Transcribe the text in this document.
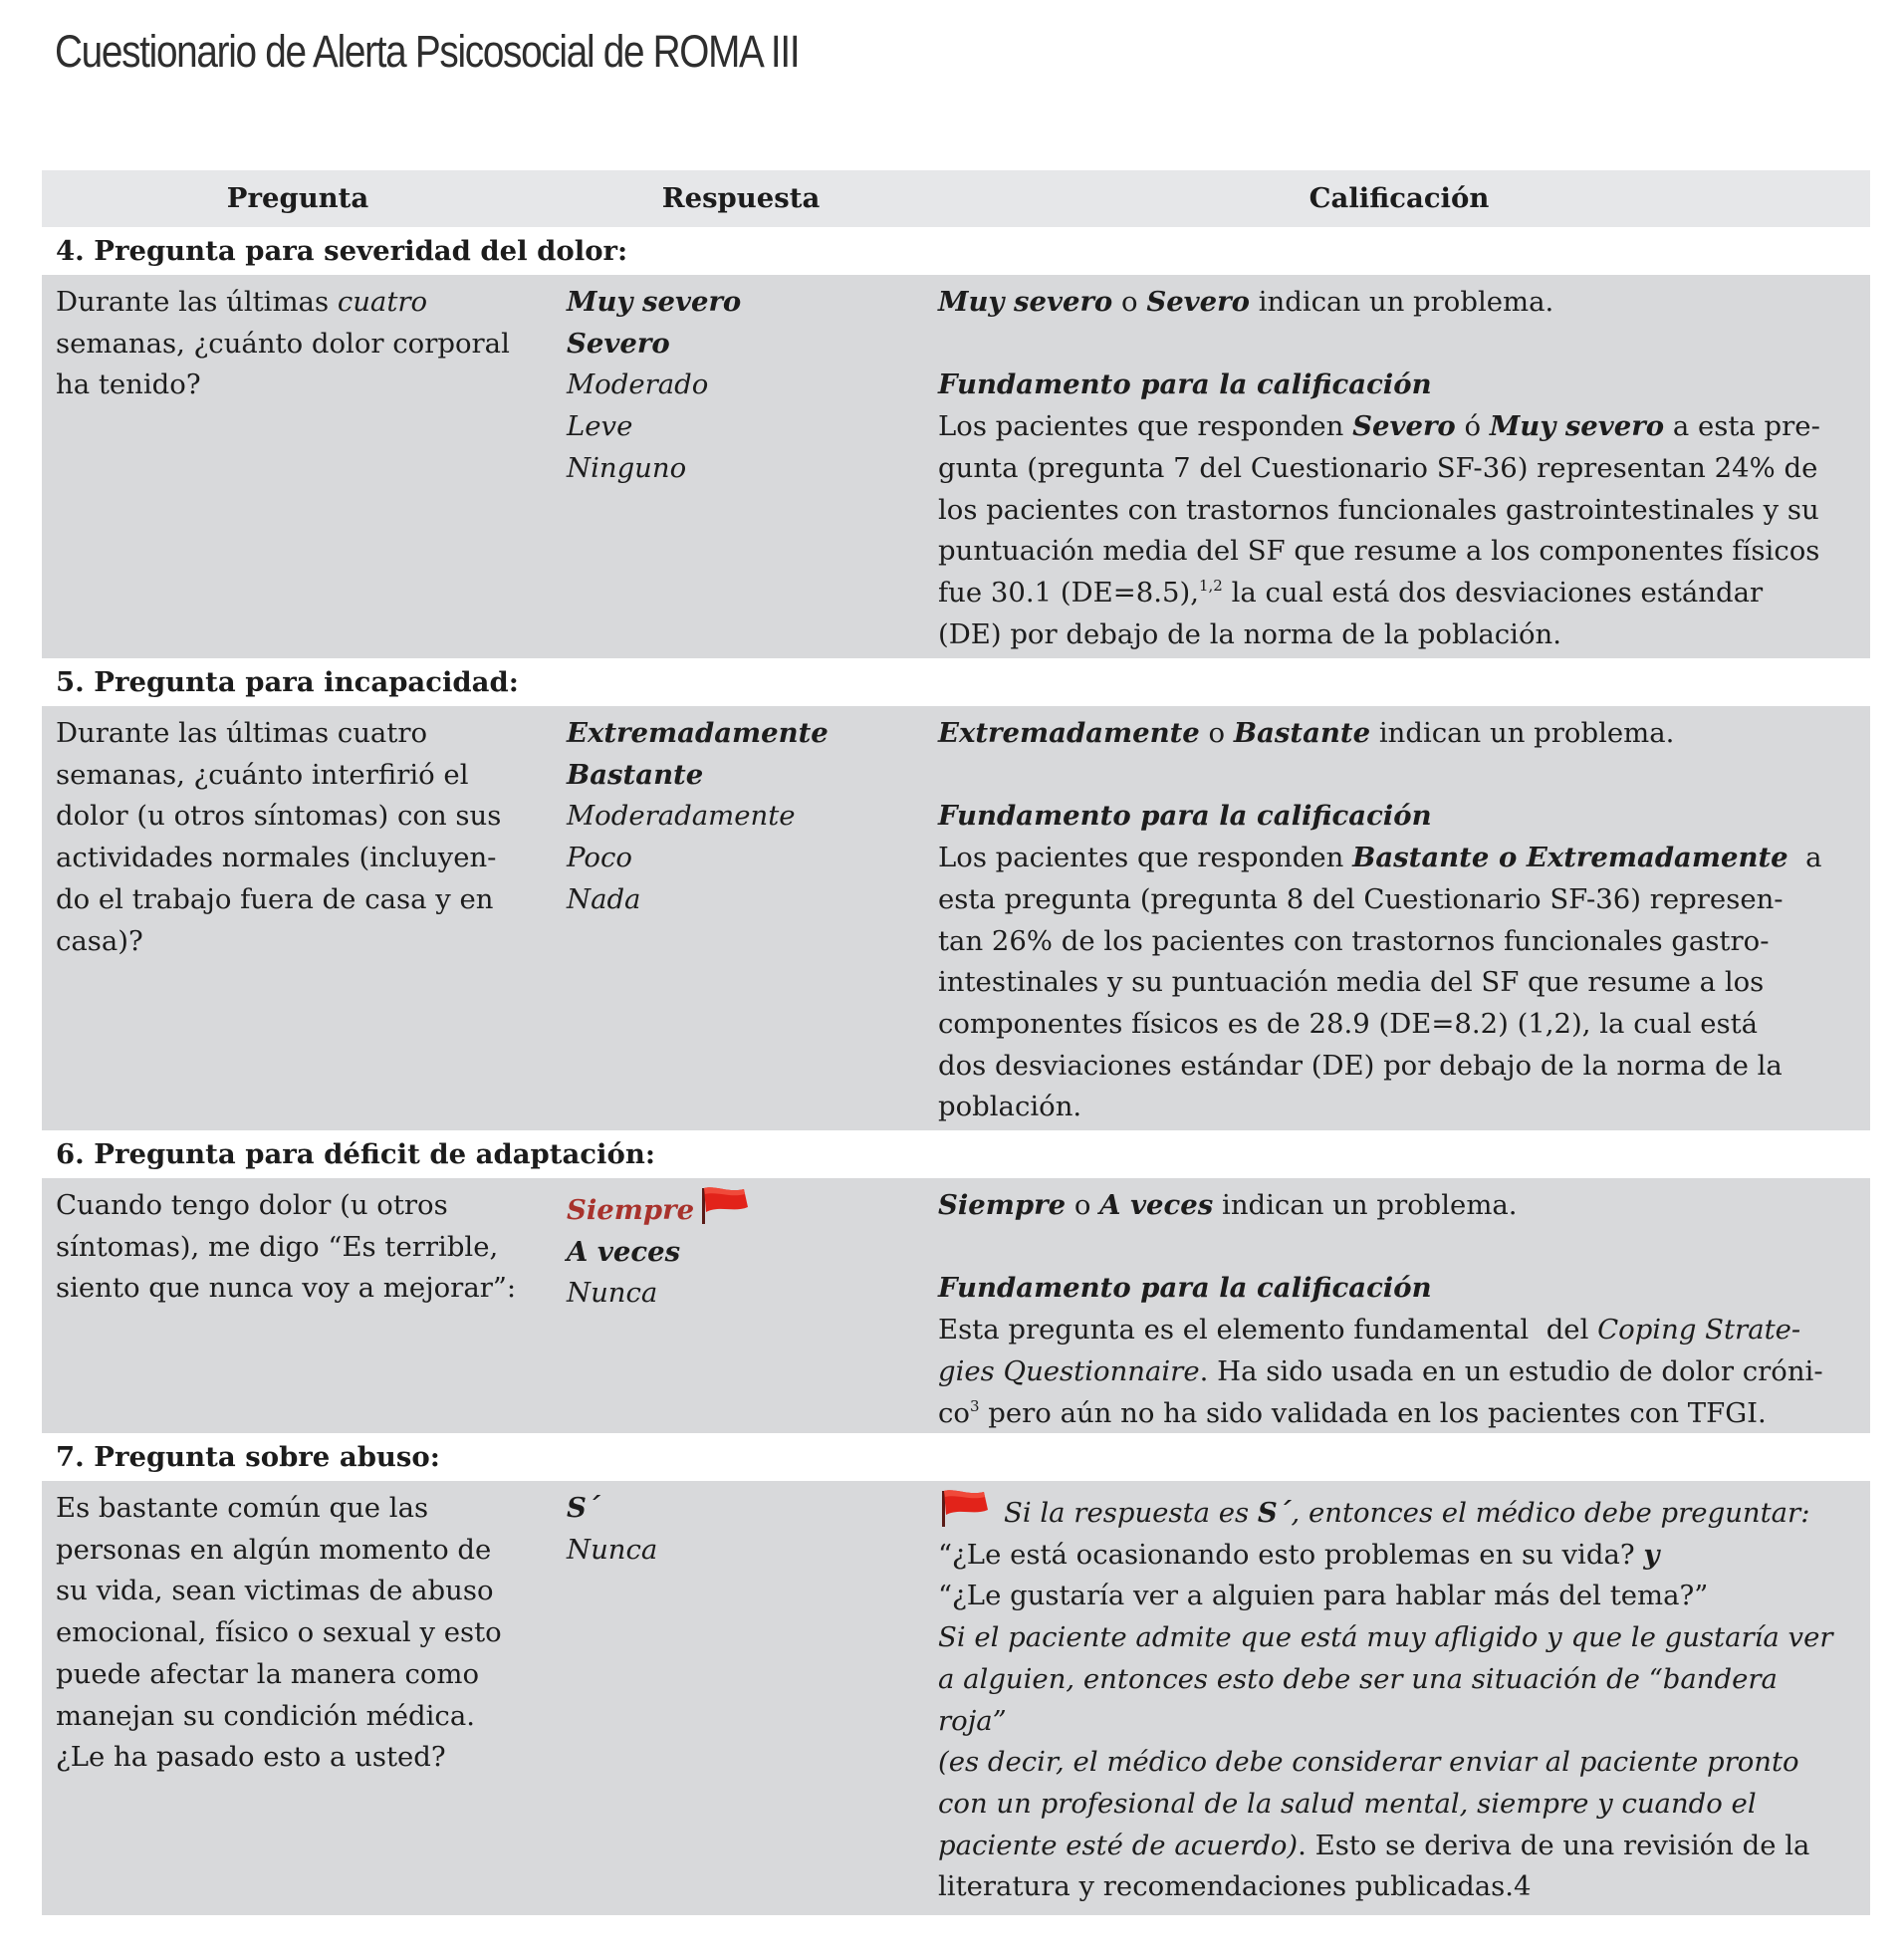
Cuestionario de Alerta Psicosocial de ROMA III
Pregunta	Respuesta	Calificación
4. Pregunta para severidad del dolor:
Durante las últimas cuatro
semanas, ¿cuánto dolor corporal
ha tenido?
Muy severo
Severo
Moderado
Leve
Ninguno
Muy severo o Severo indican un problema.
Fundamento para la calificación
Los pacientes que responden Severo ó Muy severo a esta pre-
gunta (pregunta 7 del Cuestionario SF-36) representan 24% de
los pacientes con trastornos funcionales gastrointestinales y su
puntuación media del SF que resume a los componentes físicos
fue 30.1 (DE=8.5),$^{1,2}$ la cual está dos desviaciones estándar
(DE) por debajo de la norma de la población.
5. Pregunta para incapacidad:
Durante las últimas cuatro
semanas, ¿cuánto interfirió el
dolor (u otros síntomas) con sus
actividades normales (incluyen-
do el trabajo fuera de casa y en
casa)?
Extremadamente
Bastante
Moderadamente
Poco
Nada
Extremadamente o Bastante indican un problema.
Fundamento para la calificación
Los pacientes que responden Bastante o Extremadamente  a
esta pregunta (pregunta 8 del Cuestionario SF-36) represen-
tan 26% de los pacientes con trastornos funcionales gastro-
intestinales y su puntuación media del SF que resume a los
componentes físicos es de 28.9 (DE=8.2) (1,2), la cual está
dos desviaciones estándar (DE) por debajo de la norma de la
población.
6. Pregunta para déficit de adaptación:
Cuando tengo dolor (u otros
síntomas), me digo “Es terrible,
siento que nunca voy a mejorar”:
Siempre
A veces
Nunca
Siempre o A veces indican un problema.
Fundamento para la calificación
Esta pregunta es el elemento fundamental  del Coping Strate-
gies Questionnaire. Ha sido usada en un estudio de dolor cróni-
$co^3$ pero aún no ha sido validada en los pacientes con TFGI.
7. Pregunta sobre abuso:
Es bastante común que las
personas en algún momento de
su vida, sean victimas de abuso
emocional, físico o sexual y esto
puede afectar la manera como
manejan su condición médica.
¿Le ha pasado esto a usted?
S´
Nunca
Si la respuesta es S´, entonces el médico debe preguntar:
“¿Le está ocasionando esto problemas en su vida? y
“¿Le gustaría ver a alguien para hablar más del tema?”
Si el paciente admite que está muy afligido y que le gustaría ver
a alguien, entonces esto debe ser una situación de “bandera
roja”
(es decir, el médico debe considerar enviar al paciente pronto
con un profesional de la salud mental, siempre y cuando el
paciente esté de acuerdo). Esto se deriva de una revisión de la
literatura y recomendaciones publicadas.4
